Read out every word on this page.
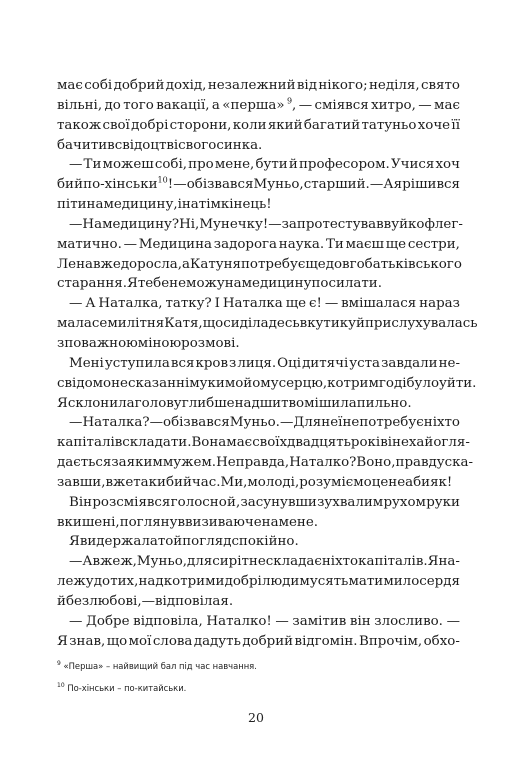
має собі добрий дохід, незалежний від нікого; неділя, свято
вільні, до того вакації, а «перша» $^9$, — сміявся хитро, — має
також свої добрі сторони, коли який багатий татуньо хоче її
бачити в свідоцтві свого синка.
— Ти можеш собі, про мене, бути й професором. Учися хоч
би й по-хінськи$^{10}$! — обізвався Муньо, старший. — А я рішився
піти на медицину, і на тім кінець!
— На медицину? Ні, Мунечку! — запротестував вуйко флег-
матично. — Медицина задорога наука. Ти маєш ще сестри,
Лена вже доросла, а Катуня потребує ще довго батьківського
старання. Я тебе не можу на медицину посилати.
— А Наталка, татку? І Наталка ще є! — вмішалася нараз
мала семилітня Катя, що сиділа десь в кутику й прислухувалась
з поважною міною розмові.
Мені уступила вся кров з лиця. Оці дитячі уста завдали не-
свідомо несказанні муки мойому серцю, котрим годі було уйти.
Я склонила голову глибше над шитвом і шила пильно.
— Наталка? — обізвався Муньо. — Для неї не потребує ніхто
капіталів складати. Вона має своїх двадцять років і нехай огля-
дається за яким мужем. Не правда, Наталко? Воно, правду ска-
завши, вже таки би й час. Ми, молоді, розуміємо це неабияк!
Він розсміявся голосно й, засунувши зухвалим рухом руки
в кишені, поглянув визиваюче на мене.
Я видержала той погляд спокійно.
— Авжеж, Муньо, для сиріт не складає ніхто капіталів. Я на-
лежу до тих, над котрими добрі люди мусять мати милосердя
й без любові, — відповіла я.
— Добре відповіла, Наталко! — замітив він злосливо. —
Я знав, що мої слова дадуть добрий відгомін. Впрочім, обхо-
$^9$ «Перша» – найвищий бал під час навчання.
$^{10}$ По-хінськи – по-китайськи.
20
